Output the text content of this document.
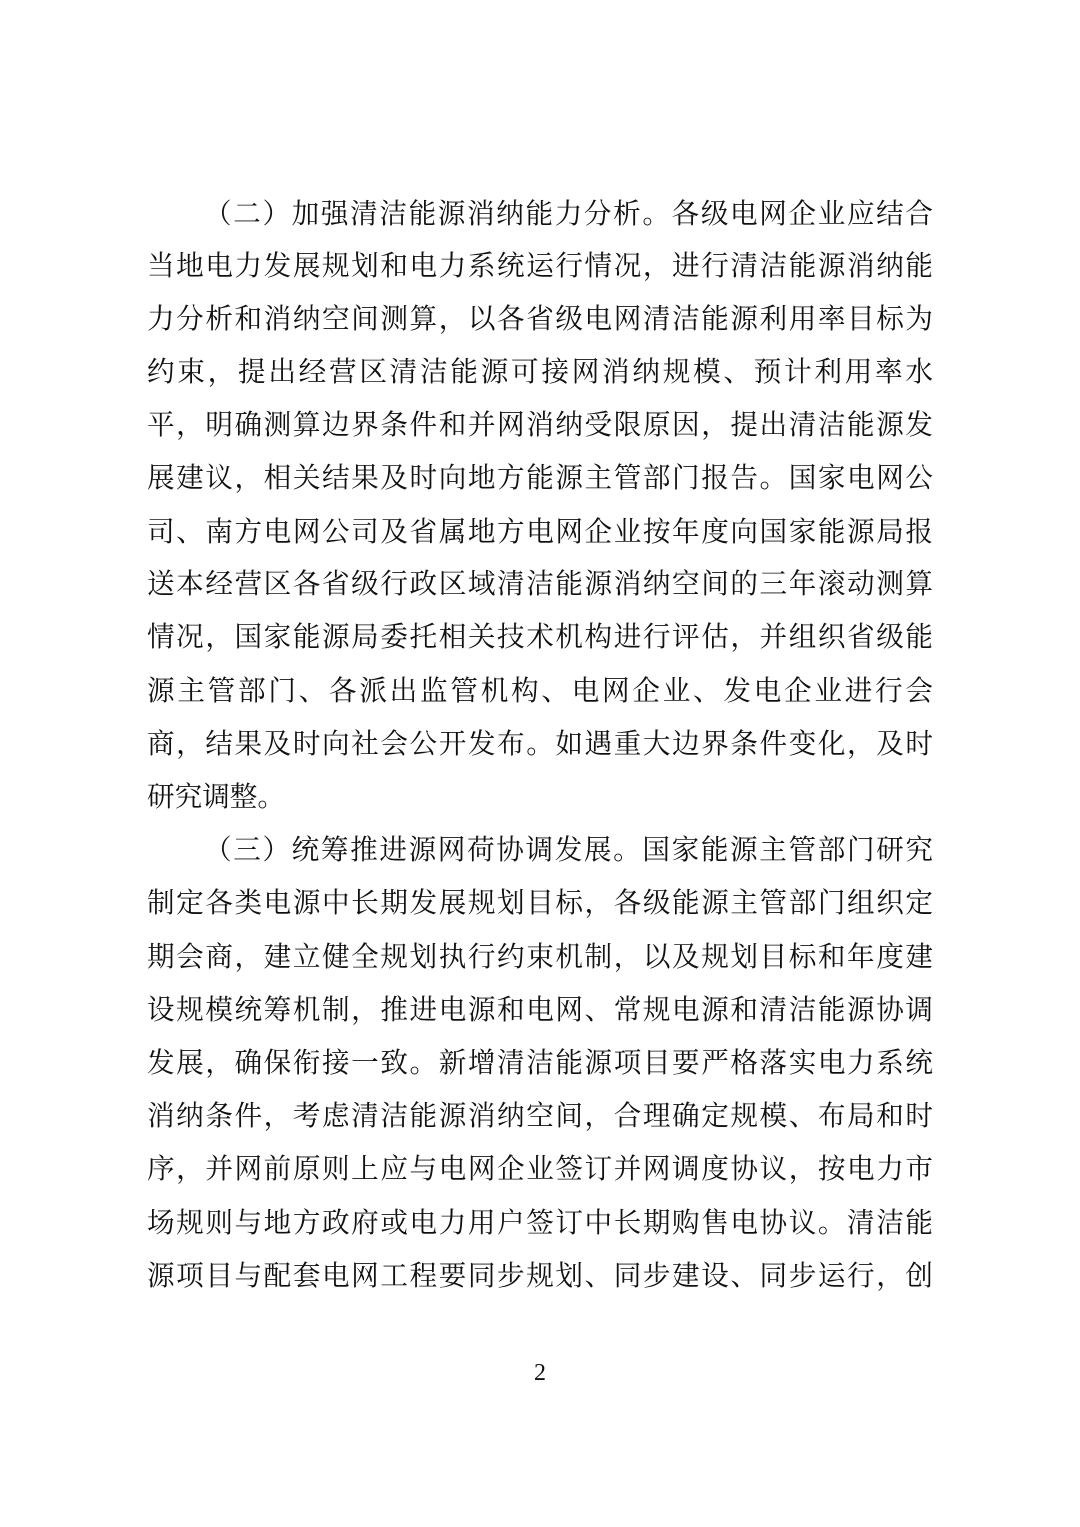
（二）加强清洁能源消纳能力分析。各级电网企业应结合
当地电力发展规划和电力系统运行情况，进行清洁能源消纳能
力分析和消纳空间测算，以各省级电网清洁能源利用率目标为
约束，提出经营区清洁能源可接网消纳规模、预计利用率水
平，明确测算边界条件和并网消纳受限原因，提出清洁能源发
展建议，相关结果及时向地方能源主管部门报告。国家电网公
司、南方电网公司及省属地方电网企业按年度向国家能源局报
送本经营区各省级行政区域清洁能源消纳空间的三年滚动测算
情况，国家能源局委托相关技术机构进行评估，并组织省级能
源主管部门、各派出监管机构、电网企业、发电企业进行会
商，结果及时向社会公开发布。如遇重大边界条件变化，及时
研究调整。
（三）统筹推进源网荷协调发展。国家能源主管部门研究
制定各类电源中长期发展规划目标，各级能源主管部门组织定
期会商，建立健全规划执行约束机制，以及规划目标和年度建
设规模统筹机制，推进电源和电网、常规电源和清洁能源协调
发展，确保衔接一致。新增清洁能源项目要严格落实电力系统
消纳条件，考虑清洁能源消纳空间，合理确定规模、布局和时
序，并网前原则上应与电网企业签订并网调度协议，按电力市
场规则与地方政府或电力用户签订中长期购售电协议。清洁能
源项目与配套电网工程要同步规划、同步建设、同步运行，创
2
